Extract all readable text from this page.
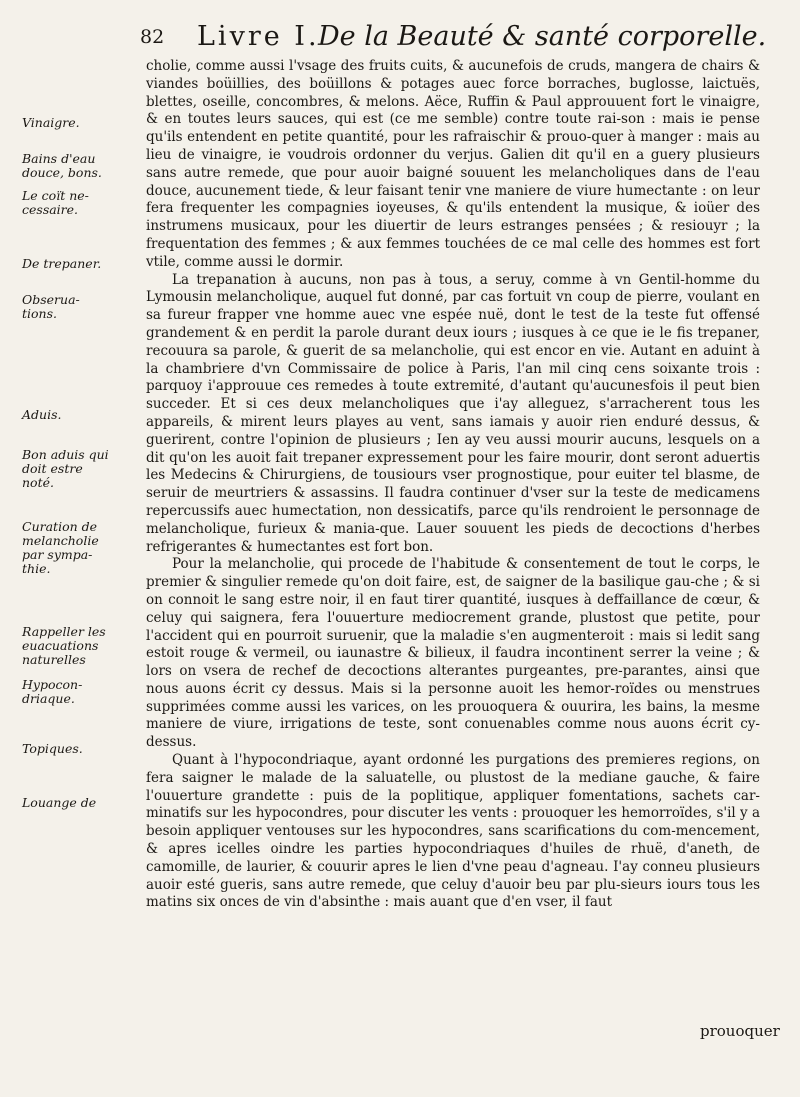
82 Livre I.
De la Beauté & santé corporelle.
Vinaigre.
Bains d'eau douce, bons.
Le coït ne-cessaire.
De trepaner.
Obserua-tions.
Aduis.
Bon aduis qui doit estre noté.
Curation de melancholie par sympa-thie.
Rappeller les euacuations naturelles
Hypocon-driaque.
Topiques.
Louange de

cholie, comme aussi l'vsage des fruits cuits, & aucunefois de cruds, mangera de chairs & viandes boüillies, des boüillons & potages auec force borraches, buglosse, laictuës, blettes, oseille, concombres, & melons. Aëce, Ruffin & Paul approuuent fort le vinaigre, & en toutes leurs sauces, qui est (ce me semble) contre toute rai-son : mais ie pense qu'ils entendent en petite quantité, pour les rafraischir & prouo-quer à manger : mais au lieu de vinaigre, ie voudrois ordonner du verjus. Galien dit qu'il en a guery plusieurs sans autre remede, que pour auoir baigné souuent les melancholiques dans de l'eau douce, aucunement tiede, & leur faisant tenir vne maniere de viure humectante : on leur fera frequenter les compagnies ioyeuses, & qu'ils entendent la musique, & ioüer des instrumens musicaux, pour les diuertir de leurs estranges pensées ; & resiouyr ; la frequentation des femmes ; & aux femmes touchées de ce mal celle des hommes est fort vtile, comme aussi le dormir.

La trepanation à aucuns, non pas à tous, a seruy, comme à vn Gentil-homme du Lymousin melancholique, auquel fut donné, par cas fortuit vn coup de pierre, voulant en sa fureur frapper vne homme auec vne espée nuë, dont le test de la teste fut offensé grandement & en perdit la parole durant deux iours ; iusques à ce que ie le fis trepaner, recouura sa parole, & guerit de sa melancholie, qui est encor en vie. Autant en aduint à la chambriere d'vn Commissaire de police à Paris, l'an mil cinq cens soixante trois : parquoy i'approuue ces remedes à toute extremité, d'autant qu'aucunesfois il peut bien succeder. Et si ces deux melancholiques que i'ay alleguez, s'arracherent tous les appareils, & mirent leurs playes au vent, sans iamais y auoir rien enduré dessus, & guerirent, contre l'opinion de plusieurs ; Ien ay veu aussi mourir aucuns, lesquels on a dit qu'on les auoit fait trepaner expressement pour les faire mourir, dont seront aduertis les Medecins & Chirurgiens, de tousiours vser prognostique, pour euiter tel blasme, de seruir de meurtriers & assassins. Il faudra continuer d'vser sur la teste de medicamens repercussifs auec humectation, non dessicatifs, parce qu'ils rendroient le personnage de melancholique, furieux & mania-que. Lauer souuent les pieds de decoctions d'herbes refrigerantes & humectantes est fort bon.

Pour la melancholie, qui procede de l'habitude & consentement de tout le corps, le premier & singulier remede qu'on doit faire, est, de saigner de la basilique gau-che ; & si on connoit le sang estre noir, il en faut tirer quantité, iusques à deffaillance de cœur, & celuy qui saignera, fera l'ouuerture mediocrement grande, plustost que petite, pour l'accident qui en pourroit suruenir, que la maladie s'en augmenteroit : mais si ledit sang estoit rouge & vermeil, ou iaunastre & bilieux, il faudra incontinent serrer la veine ; & lors on vsera de rechef de decoctions alterantes purgeantes, pre-parantes, ainsi que nous auons écrit cy dessus. Mais si la personne auoit les hemor-roïdes ou menstrues supprimées comme aussi les varices, on les prouoquera & ouurira, les bains, la mesme maniere de viure, irrigations de teste, sont conuenables comme nous auons écrit cy-dessus.

Quant à l'hypocondriaque, ayant ordonné les purgations des premieres regions, on fera saigner le malade de la saluatelle, ou plustost de la mediane gauche, & faire l'ouuerture grandette : puis de la poplitique, appliquer fomentations, sachets car-minatifs sur les hypocondres, pour discuter les vents : prouoquer les hemorroïdes, s'il y a besoin appliquer ventouses sur les hypocondres, sans scarifications du com-mencement, & apres icelles oindre les parties hypocondriaques d'huiles de rhuë, d'aneth, de camomille, de laurier, & couurir apres le lien d'vne peau d'agneau. I'ay conneu plusieurs auoir esté gueris, sans autre remede, que celuy d'auoir beu par plu-sieurs iours tous les matins six onces de vin d'absinthe : mais auant que d'en vser, il faut

prouoquer
